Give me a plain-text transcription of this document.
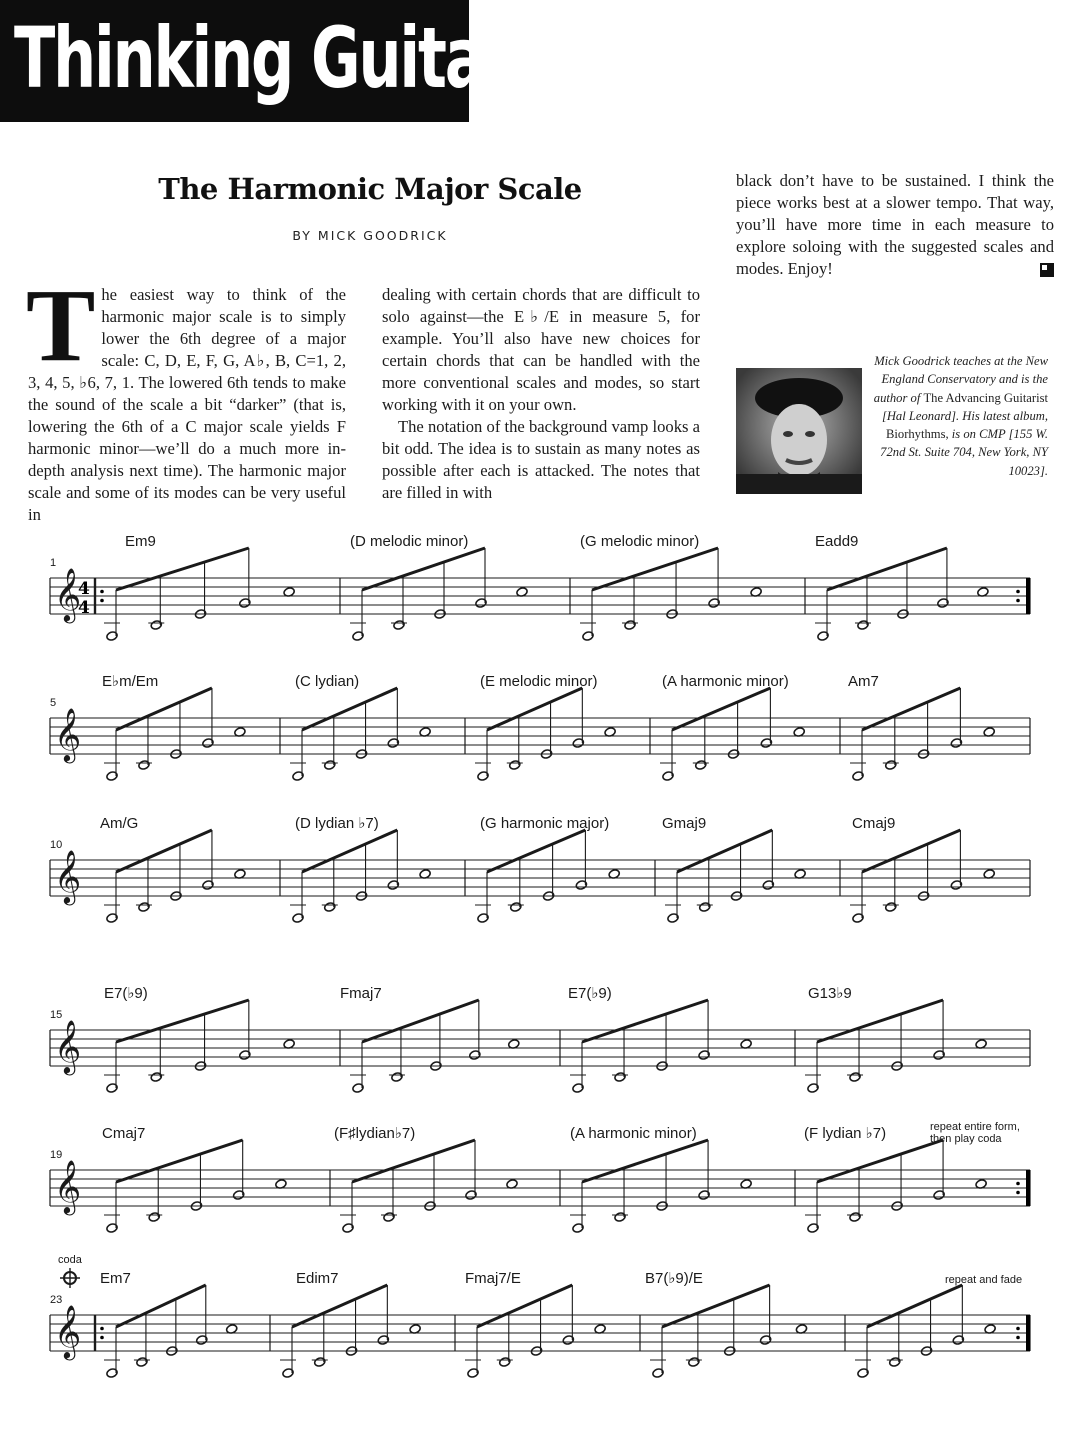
Thinking Guitarist
The Harmonic Major Scale
BY MICK GOODRICK
T he easiest way to think of the harmonic major scale is to simply lower the 6th degree of a major scale: C, D, E, F, G, A♭, B, C=1, 2, 3, 4, 5, ♭6, 7, 1. The lowered 6th tends to make the sound of the scale a bit “darker” (that is, lowering the 6th of a C major scale yields F harmonic minor—we’ll do a much more in-depth analysis next time). The harmonic major scale and some of its modes can be very useful in

dealing with certain chords that are difficult to solo against—the E♭/E in measure 5, for example. You’ll also have new choices for certain chords that can be handled with the more conventional scales and modes, so start working with it on your own.

The notation of the background vamp looks a bit odd. The idea is to sustain as many notes as possible after each is attacked. The notes that are filled in with

black don’t have to be sustained. I think the piece works best at a slower tempo. That way, you’ll have more time in each measure to explore soloing with the suggested scales and modes. Enjoy!

Mick Goodrick teaches at the New England Conservatory and is the author of The Advancing Guitarist [Hal Leonard]. His latest album, Biorhythms, is on CMP [155 W. 72nd St. Suite 704, New York, NY 10023].
𝄞
4
4
1
Em9	(D melodic minor)	(G melodic minor)	Eadd9
𝄞
5
E♭m/Em	(C lydian)	(E melodic minor)	(A harmonic minor)	Am7
𝄞
10
Am/G	(D lydian ♭7)	(G harmonic major)	Gmaj9	Cmaj9
𝄞
15
E7(♭9)	Fmaj7	E7(♭9)	G13♭9
𝄞
19
Cmaj7	(F♯lydian♭7)	(A harmonic minor)	(F lydian ♭7)	repeat entire form,
then play coda
𝄞
23
Em7	Edim7	Fmaj7/E	B7(♭9)/E	repeat and fade
coda
